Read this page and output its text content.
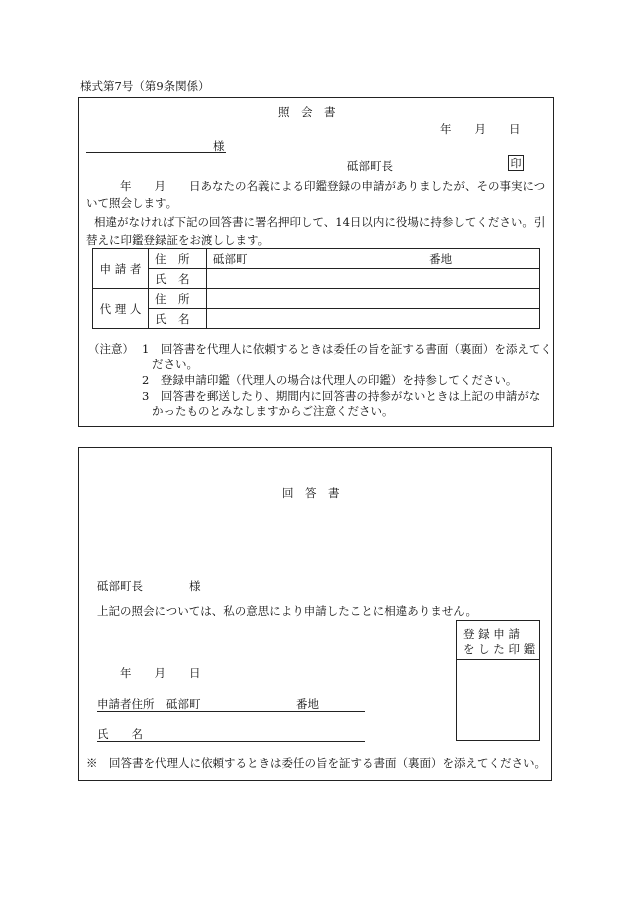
様式第7号（第9条関係）
照　会　書
年　　月　　日
様
砥部町長	印
年　　月　　日あなたの名義による印鑑登録の申請がありましたが、その事実につ
いて照会します。
相違がなければ下記の回答書に署名押印して、14日以内に役場に持参してください。引
替えに印鑑登録証をお渡しします。
申 請 者	住　所	砥部町 番地
	氏　名	
代 理 人	住　所	
	氏　名	
（注意） 1　回答書を代理人に依頼するときは委任の旨を証する書面（裏面）を添えてく
ださい。
2　登録申請印鑑（代理人の場合は代理人の印鑑）を持参してください。
3　回答書を郵送したり、期間内に回答書の持参がないときは上記の申請がな
かったものとみなしますからご注意ください。
回　答　書
砥部町長	様
上記の照会については、私の意思により申請したことに相違ありません。
登 録 申 請
を し た 印 鑑
年　　月　　日
申請者住所　砥部町	番地
氏　　名
※　回答書を代理人に依頼するときは委任の旨を証する書面（裏面）を添えてください。
